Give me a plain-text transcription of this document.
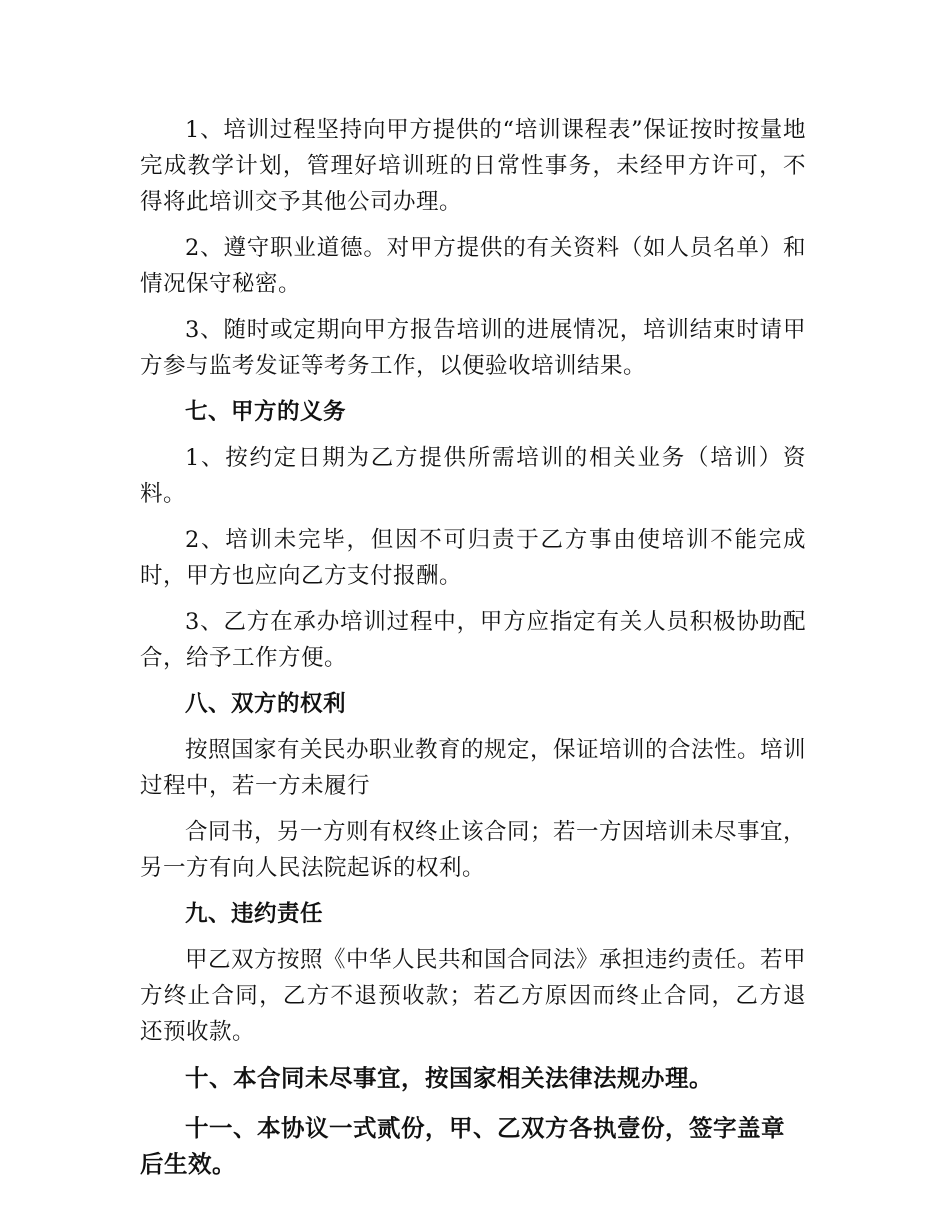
1、培训过程坚持向甲方提供的“培训课程表”保证按时按量地完成教学计划，管理好培训班的日常性事务，未经甲方许可，不得将此培训交予其他公司办理。

2、遵守职业道德。对甲方提供的有关资料（如人员名单）和情况保守秘密。

3、随时或定期向甲方报告培训的进展情况，培训结束时请甲方参与监考发证等考务工作，以便验收培训结果。

七、甲方的义务

1、按约定日期为乙方提供所需培训的相关业务（培训）资料。

2、培训未完毕，但因不可归责于乙方事由使培训不能完成时，甲方也应向乙方支付报酬。

3、乙方在承办培训过程中，甲方应指定有关人员积极协助配合，给予工作方便。

八、双方的权利

按照国家有关民办职业教育的规定，保证培训的合法性。培训过程中，若一方未履行

合同书，另一方则有权终止该合同；若一方因培训未尽事宜，另一方有向人民法院起诉的权利。

九、违约责任

甲乙双方按照《中华人民共和国合同法》承担违约责任。若甲方终止合同，乙方不退预收款；若乙方原因而终止合同，乙方退还预收款。

十、本合同未尽事宜，按国家相关法律法规办理。

十一、本协议一式贰份，甲、乙双方各执壹份，签字盖章后生效。
